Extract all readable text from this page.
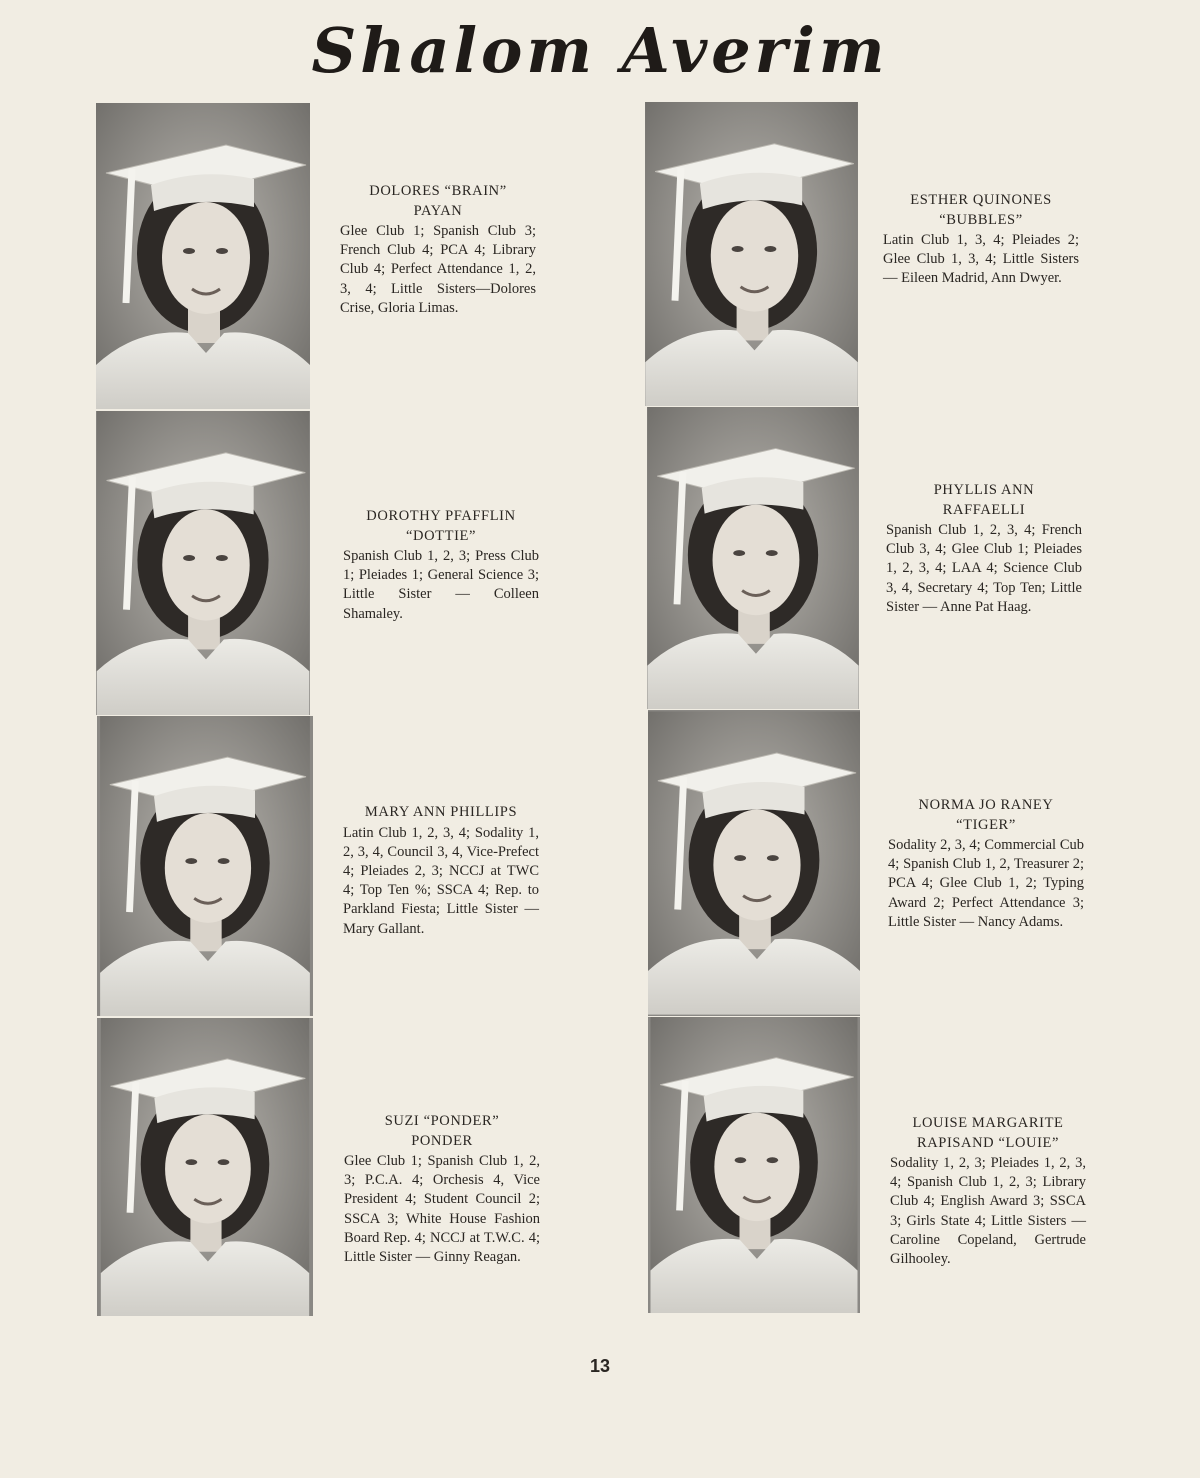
Shalom Averim
DOLORES “BRAIN”
PAYAN
Glee Club 1; Spanish Club 3; French Club 4; PCA 4; Library Club 4; Perfect Attendance 1, 2, 3, 4; Little Sisters—Dolores Crise, Gloria Limas.
DOROTHY PFAFFLIN
“DOTTIE”
Spanish Club 1, 2, 3; Press Club 1; Pleiades 1; General Science 3; Little Sister — Colleen Shamaley.
MARY ANN PHILLIPS
Latin Club 1, 2, 3, 4; Sodality 1, 2, 3, 4, Council 3, 4, Vice-Prefect 4; Pleiades 2, 3; NCCJ at TWC 4; Top Ten %; SSCA 4; Rep. to Parkland Fiesta; Little Sister — Mary Gallant.
SUZI “PONDER”
PONDER
Glee Club 1; Spanish Club 1, 2, 3; P.C.A. 4; Orchesis 4, Vice President 4; Student Council 2; SSCA 3; White House Fashion Board Rep. 4; NCCJ at T.W.C. 4; Little Sister — Ginny Reagan.
ESTHER QUINONES
“BUBBLES”
Latin Club 1, 3, 4; Pleiades 2; Glee Club 1, 3, 4; Little Sisters — Eileen Madrid, Ann Dwyer.
PHYLLIS ANN
RAFFAELLI
Spanish Club 1, 2, 3, 4; French Club 3, 4; Glee Club 1; Pleiades 1, 2, 3, 4; LAA 4; Science Club 3, 4, Secretary 4; Top Ten; Little Sister — Anne Pat Haag.
NORMA JO RANEY
“TIGER”
Sodality 2, 3, 4; Commercial Cub 4; Spanish Club 1, 2, Treasurer 2; PCA 4; Glee Club 1, 2; Typing Award 2; Perfect Attendance 3; Little Sister — Nancy Adams.
LOUISE MARGARITE
RAPISAND “LOUIE”
Sodality 1, 2, 3; Pleiades 1, 2, 3, 4; Spanish Club 1, 2, 3; Library Club 4; English Award 3; SSCA 3; Girls State 4; Little Sisters — Caroline Copeland, Gertrude Gilhooley.
13
